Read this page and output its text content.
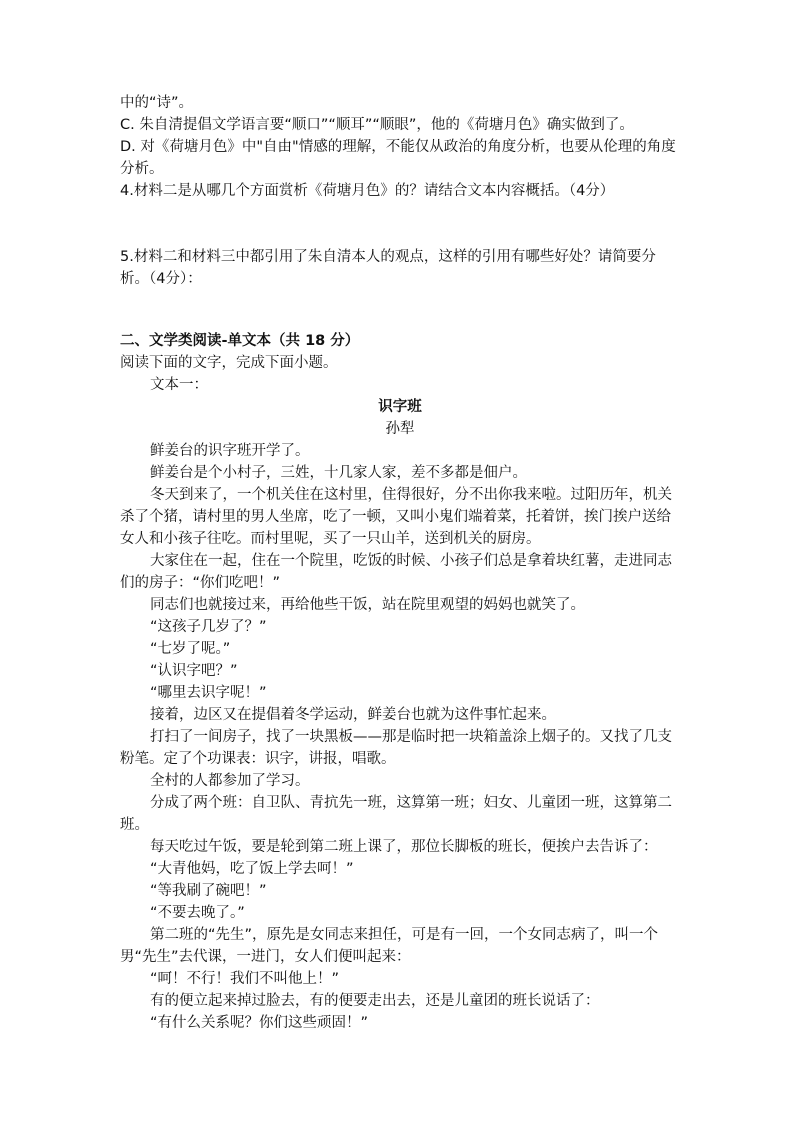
中的“诗”。

C. 朱自清提倡文学语言要“顺口”“顺耳”“顺眼”，他的《荷塘月色》确实做到了。

D. 对《荷塘月色》中"自由"情感的理解，不能仅从政治的角度分析，也要从伦理的角度分析。

4.材料二是从哪几个方面赏析《荷塘月色》的？请结合文本内容概括。（4分）

5.材料二和材料三中都引用了朱自清本人的观点，这样的引用有哪些好处？请简要分析。（4分）：

二、文学类阅读-单文本（共 18 分）

阅读下面的文字，完成下面小题。

文本一：

识字班

孙犁

鲜姜台的识字班开学了。

鲜姜台是个小村子，三姓，十几家人家，差不多都是佃户。

冬天到来了，一个机关住在这村里，住得很好，分不出你我来啦。过阳历年，机关杀了个猪，请村里的男人坐席，吃了一顿，又叫小鬼们端着菜，托着饼，挨门挨户送给女人和小孩子往吃。而村里呢，买了一只山羊，送到机关的厨房。

大家住在一起，住在一个院里，吃饭的时候、小孩子们总是拿着块红薯，走进同志们的房子：“你们吃吧！”

同志们也就接过来，再给他些干饭，站在院里观望的妈妈也就笑了。

“这孩子几岁了？”

“七岁了呢。”

“认识字吧？”

“哪里去识字呢！”

接着，边区又在提倡着冬学运动，鲜姜台也就为这件事忙起来。

打扫了一间房子，找了一块黑板——那是临时把一块箱盖涂上烟子的。又找了几支粉笔。定了个功课表：识字，讲报，唱歌。

全村的人都参加了学习。

分成了两个班：自卫队、青抗先一班，这算第一班；妇女、儿童团一班，这算第二班。

每天吃过午饭，要是轮到第二班上课了，那位长脚板的班长，便挨户去告诉了：

“大青他妈，吃了饭上学去呵！”

“等我刷了碗吧！”

“不要去晚了。”

第二班的“先生”，原先是女同志来担任，可是有一回，一个女同志病了，叫一个男“先生”去代课，一进门，女人们便叫起来：

“呵！不行！我们不叫他上！”

有的便立起来掉过脸去，有的便要走出去，还是儿童团的班长说话了：

“有什么关系呢？你们这些顽固！”
